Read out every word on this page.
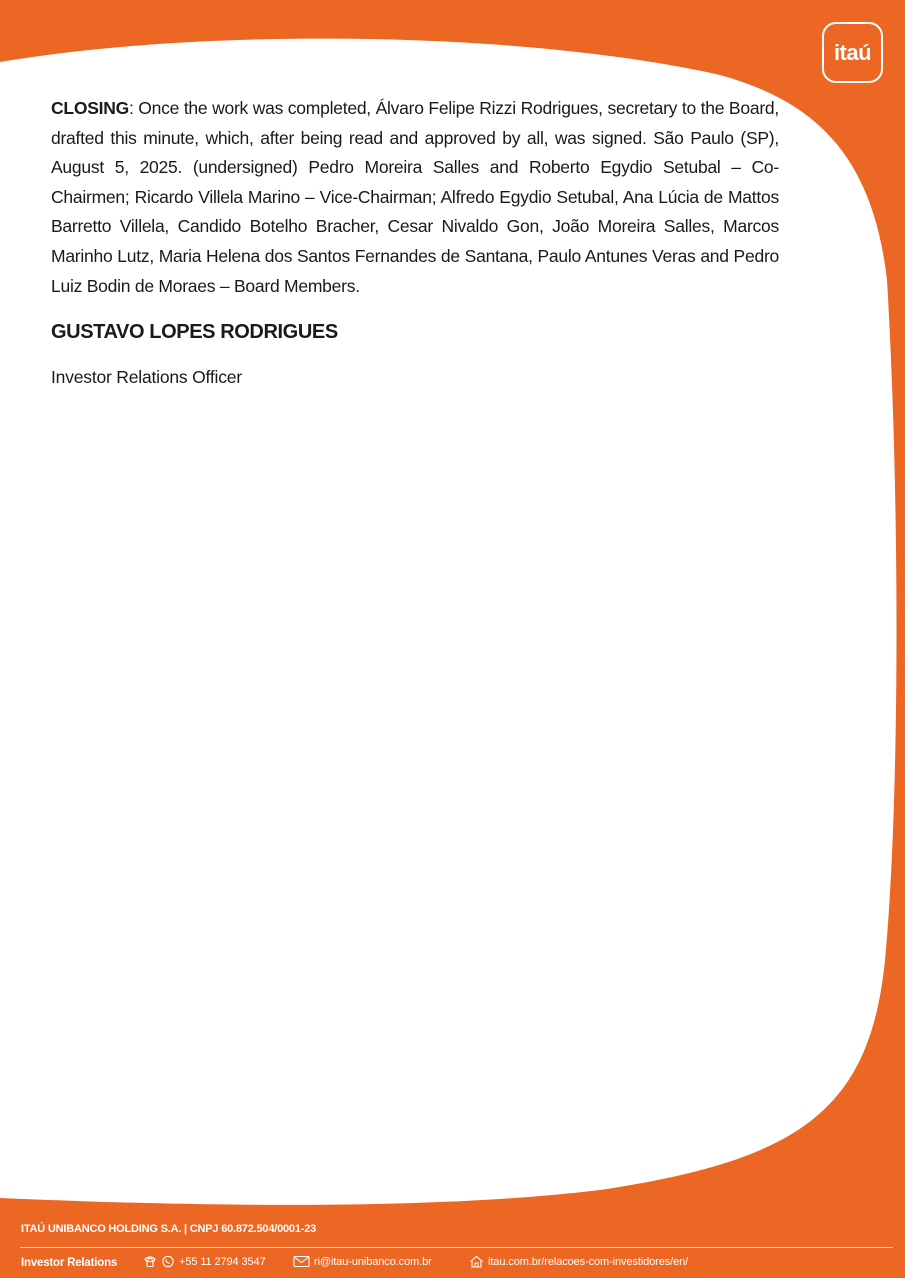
itaú

CLOSING: Once the work was completed, Álvaro Felipe Rizzi Rodrigues, secretary to the Board, drafted this minute, which, after being read and approved by all, was signed. São Paulo (SP), August 5, 2025. (undersigned) Pedro Moreira Salles and Roberto Egydio Setubal – Co-Chairmen; Ricardo Villela Marino – Vice-Chairman; Alfredo Egydio Setubal, Ana Lúcia de Mattos Barretto Villela, Candido Botelho Bracher, Cesar Nivaldo Gon, João Moreira Salles, Marcos Marinho Lutz, Maria Helena dos Santos Fernandes de Santana, Paulo Antunes Veras and Pedro Luiz Bodin de Moraes – Board Members.

GUSTAVO LOPES RODRIGUES
Investor Relations Officer
ITAÚ UNIBANCO HOLDING S.A. | CNPJ 60.872.504/0001-23
Investor Relations	+55 11 2794 3547	ri@itau-unibanco.com.br	itau.com.br/relacoes-com-investidores/en/
